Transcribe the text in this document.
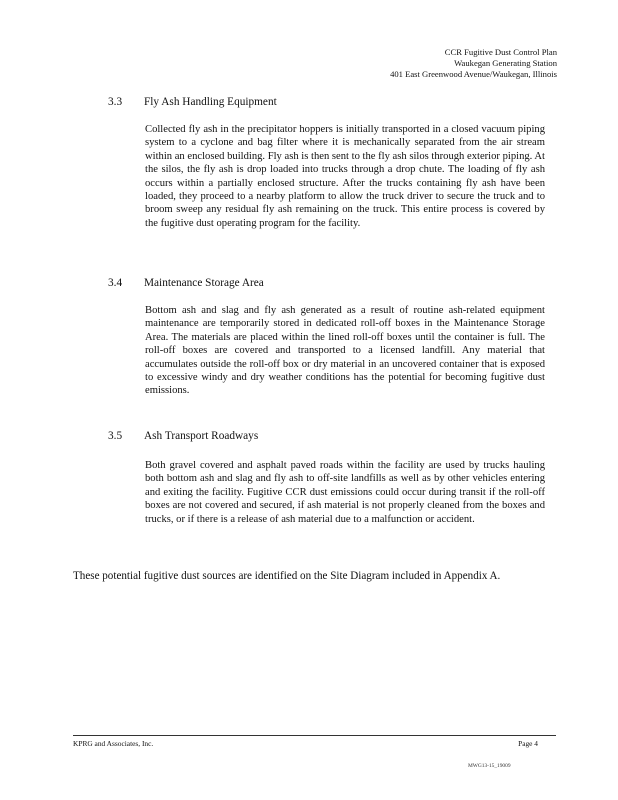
CCR Fugitive Dust Control Plan
Waukegan Generating Station
401 East Greenwood Avenue/Waukegan, Illinois
3.3 Fly Ash Handling Equipment

Collected fly ash in the precipitator hoppers is initially transported in a closed vacuum piping system to a cyclone and bag filter where it is mechanically separated from the air stream within an enclosed building. Fly ash is then sent to the fly ash silos through exterior piping. At the silos, the fly ash is drop loaded into trucks through a drop chute. The loading of fly ash occurs within a partially enclosed structure. After the trucks containing fly ash have been loaded, they proceed to a nearby platform to allow the truck driver to secure the truck and to broom sweep any residual fly ash remaining on the truck. This entire process is covered by the fugitive dust operating program for the facility.

3.4 Maintenance Storage Area

Bottom ash and slag and fly ash generated as a result of routine ash-related equipment maintenance are temporarily stored in dedicated roll-off boxes in the Maintenance Storage Area. The materials are placed within the lined roll-off boxes until the container is full. The roll-off boxes are covered and transported to a licensed landfill. Any material that accumulates outside the roll-off box or dry material in an uncovered container that is exposed to excessive windy and dry weather conditions has the potential for becoming fugitive dust emissions.

3.5 Ash Transport Roadways

Both gravel covered and asphalt paved roads within the facility are used by trucks hauling both bottom ash and slag and fly ash to off-site landfills as well as by other vehicles entering and exiting the facility. Fugitive CCR dust emissions could occur during transit if the roll-off boxes are not covered and secured, if ash material is not properly cleaned from the boxes and trucks, or if there is a release of ash material due to a malfunction or accident.

These potential fugitive dust sources are identified on the Site Diagram included in Appendix A.

KPRG and Associates, Inc.	Page 4
MWG13-15_19009
